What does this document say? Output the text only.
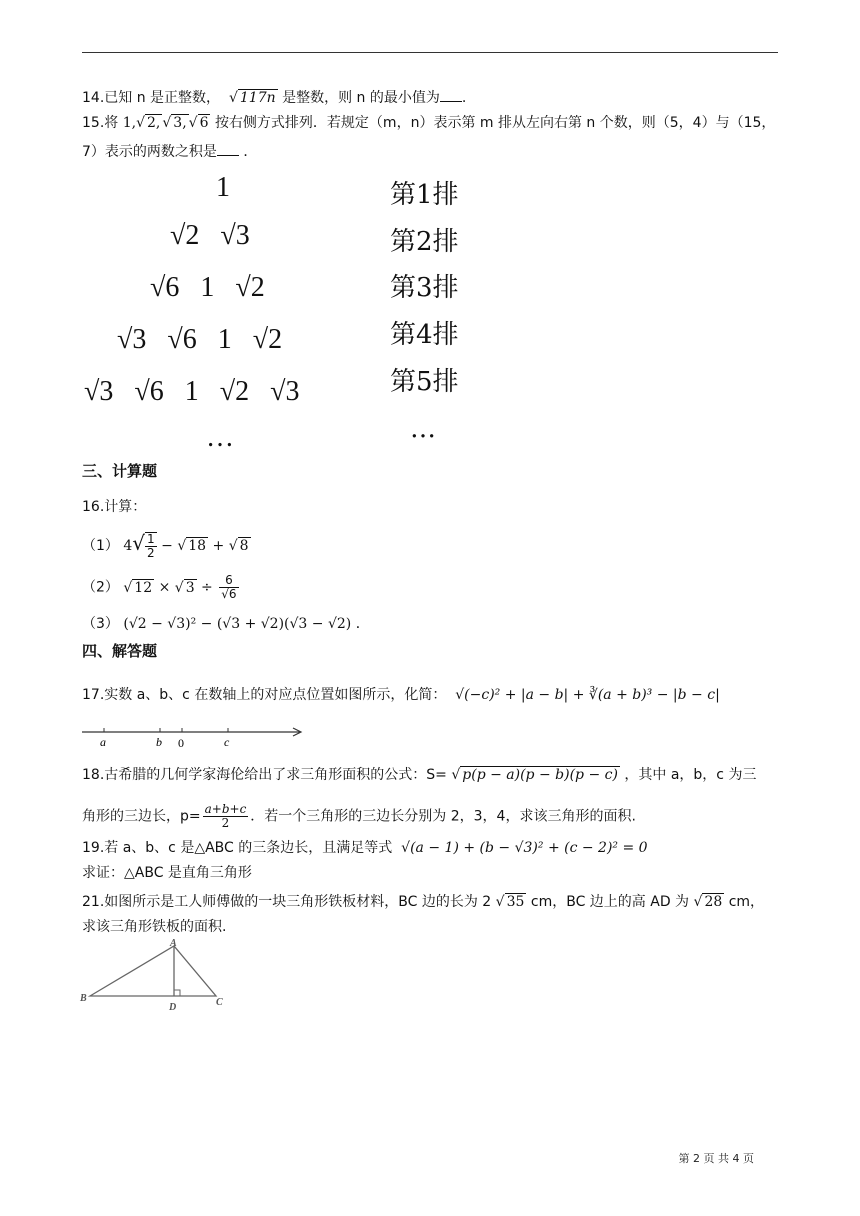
14.已知 n 是正整数， √ 117n 是整数，则 n 的最小值为 .
15.将 1,√ 2, √ 3, √ 6 按右侧方式排列．若规定（m，n）表示第 m 排从左向右第 n 个数，则（5，4）与（15，
7）表示的两数之积是 ．
1
√2 √3
√6 1 √2
√3 √6 1 √2
√3 √6 1 √2 √3
…
第1排
第2排
第3排
第4排
第5排
…
三、计算题
16.计算：
（1） $4√ \frac{1}{2}$ − √ 18 + √ 8
（2） √ 12 × √ $3 \div \frac{6}{√6}$
（3） (√2 − √3)² − (√3 + √2)(√3 − √2) ．
四、解答题
17.实数 a、b、c 在数轴上的对应点位置如图所示，化简： √(−c)² + |a − b| + ∛(a + b)³ − |b − c|
a	b 0	c
18.古希腊的几何学家海伦给出了求三角形面积的公式：S= √ p(p − a)(p − b)(p − c) ，其中 a，b，c 为三
角形的三边长，$p= \frac{a+b+c}{2}$ ．若一个三角形的三边长分别为 2，3，4，求该三角形的面积.
19.若 a、b、c 是△ABC 的三条边长，且满足等式 √(a − 1) + (b − √3)² + (c − 2)² = 0
求证：△ABC 是直角三角形
21.如图所示是工人师傅做的一块三角形铁板材料，BC 边的长为 2 √ 35 cm，BC 边上的高 AD 为 √ 28 cm，
求该三角形铁板的面积.
A
B
D	C
第 2 页 共 4 页
